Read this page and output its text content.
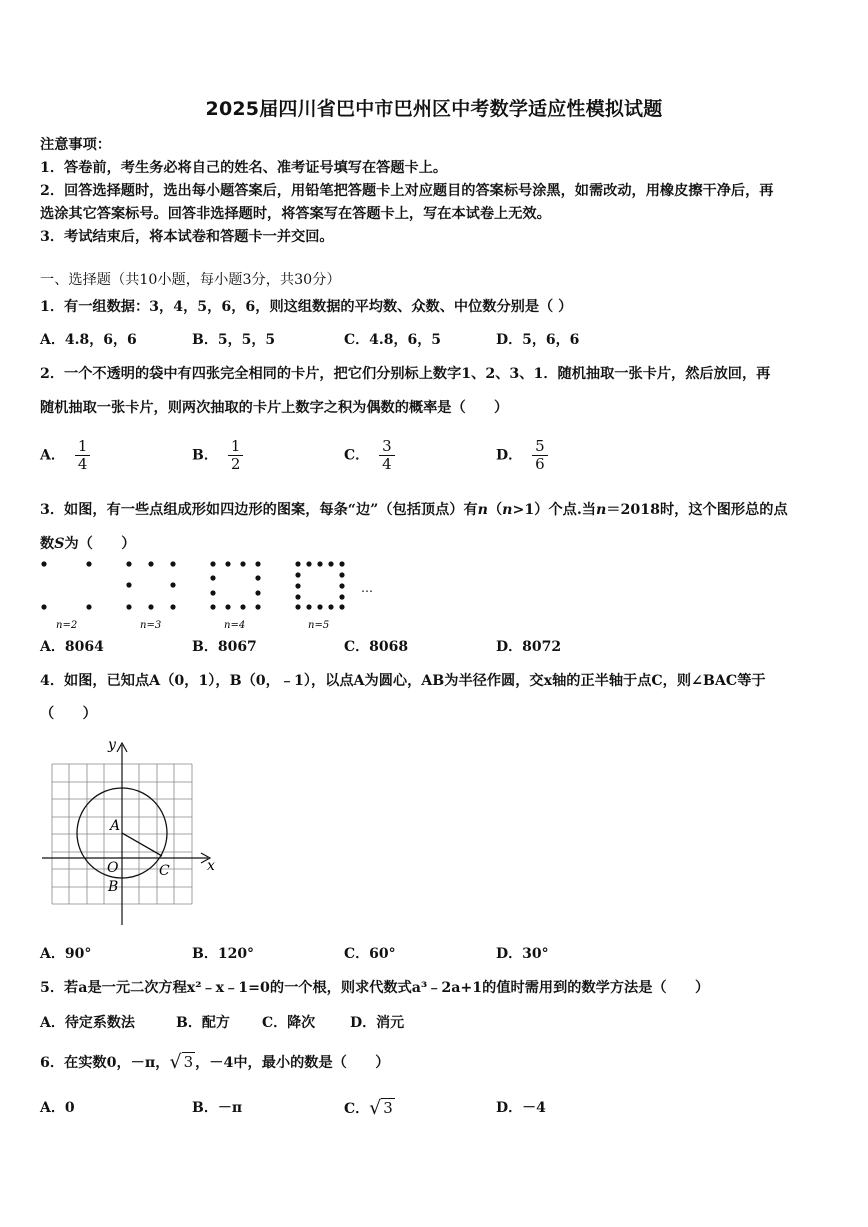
2025届四川省巴中市巴州区中考数学适应性模拟试题
注意事项：
1．答卷前，考生务必将自己的姓名、准考证号填写在答题卡上。
2．回答选择题时，选出每小题答案后，用铅笔把答题卡上对应题目的答案标号涂黑，如需改动，用橡皮擦干净后，再
选涂其它答案标号。回答非选择题时，将答案写在答题卡上，写在本试卷上无效。
3．考试结束后，将本试卷和答题卡一并交回。
一、选择题（共10小题，每小题3分，共30分）
1．有一组数据：3，4，5，6，6，则这组数据的平均数、众数、中位数分别是（ ）
A．4.8，6，6	B．5，5，5	C．4.8，6，5	D．5，6，6
2．一个不透明的袋中有四张完全相同的卡片，把它们分别标上数字1、2、3、1．随机抽取一张卡片，然后放回，再
随机抽取一张卡片，则两次抽取的卡片上数字之积为偶数的概率是（　　）
A． $\frac{1}{4}$	B． $\frac{1}{2}$	C． $\frac{3}{4}$	D． $\frac{5}{6}$
3．如图，有一些点组成形如四边形的图案，每条“边”（包括顶点）有n（n>1）个点.当n＝2018时，这个图形总的点
数S为（　　）
…
n=2	n=3	n=4	n=5
A．8064	B．8067	C．8068	D．8072
4．如图，已知点A（0，1），B（0，﹣1），以点A为圆心，AB为半径作圆，交x轴的正半轴于点C，则∠BAC等于
（　　）
y
x
A
O
B
C
A．90°	B．120°	C．60°	D．30°
5．若a是一元二次方程x²﹣x﹣1=0的一个根，则求代数式a³﹣2a+1的值时需用到的数学方法是（　　）
A．待定系数法	B．配方 C．降次 D．消元
6．在实数0，－π，√ 3 ，－4中，最小的数是（　　）
A．0	B．－π	C．√ 3	D．－4
